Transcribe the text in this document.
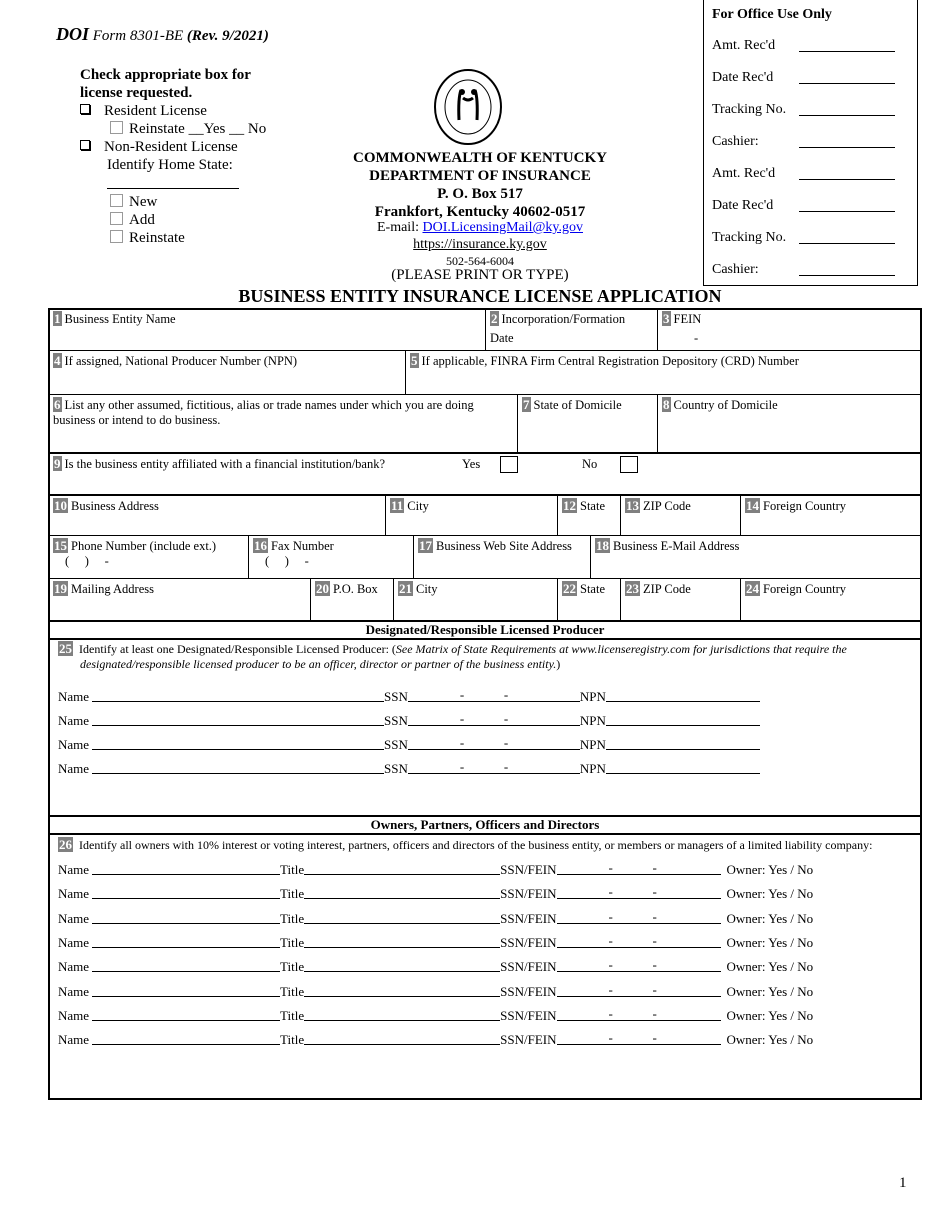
DOI Form 8301-BE (Rev. 9/2021)
Check appropriate box for
license requested.
Resident License
Reinstate __Yes __ No
Non-Resident License
Identify Home State:
New
Add
Reinstate
COMMONWEALTH OF KENTUCKY
DEPARTMENT OF INSURANCE
P. O. Box 517
Frankfort, Kentucky 40602-0517
E-mail: DOI.LicensingMail@ky.gov
https://insurance.ky.gov
502-564-6004
(PLEASE PRINT OR TYPE)
BUSINESS ENTITY INSURANCE LICENSE APPLICATION
For Office Use Only
Amt. Rec'd
Date Rec'd
Tracking No.
Cashier:
Amt. Rec'd
Date Rec'd
Tracking No.
Cashier:
1 Business Entity Name	2 Incorporation/Formation
Date
3 FEIN
-
4 If assigned, National Producer Number (NPN)	5 If applicable, FINRA Firm Central Registration Depository (CRD) Number
6 List any other assumed, fictitious, alias or trade names under which you are doing
business or intend to do business.
7 State of Domicile	8 Country of Domicile
9 Is the business entity affiliated with a financial institution/bank?	Yes	No
10 Business Address	11 City	12 State	13 ZIP Code	14 Foreign Country
15 Phone Number (include ext.)
(     )     -
16 Fax Number
(     )     -
17 Business Web Site Address	18 Business E-Mail Address
19 Mailing Address	20 P.O. Box	21 City	22 State	23 ZIP Code	24 Foreign Country
Designated/Responsible Licensed Producer
25 Identify at least one Designated/Responsible Licensed Producer: (See Matrix of State Requirements at www.licenseregistry.com for jurisdictions that require the
designated/responsible licensed producer to be an officer, director or partner of the business entity.)
Name	SSN	-	-	NPN
Name	SSN	-	-	NPN
Name	SSN	-	-	NPN
Name	SSN	-	-	NPN
Owners, Partners, Officers and Directors
26 Identify all owners with 10% interest or voting interest, partners, officers and directors of the business entity, or members or managers of a limited liability company:
Name	Title	SSN/FEIN	-	-	Owner: Yes / No
Name	Title	SSN/FEIN	-	-	Owner: Yes / No
Name	Title	SSN/FEIN	-	-	Owner: Yes / No
Name	Title	SSN/FEIN	-	-	Owner: Yes / No
Name	Title	SSN/FEIN	-	-	Owner: Yes / No
Name	Title	SSN/FEIN	-	-	Owner: Yes / No
Name	Title	SSN/FEIN	-	-	Owner: Yes / No
Name	Title	SSN/FEIN	-	-	Owner: Yes / No
1
